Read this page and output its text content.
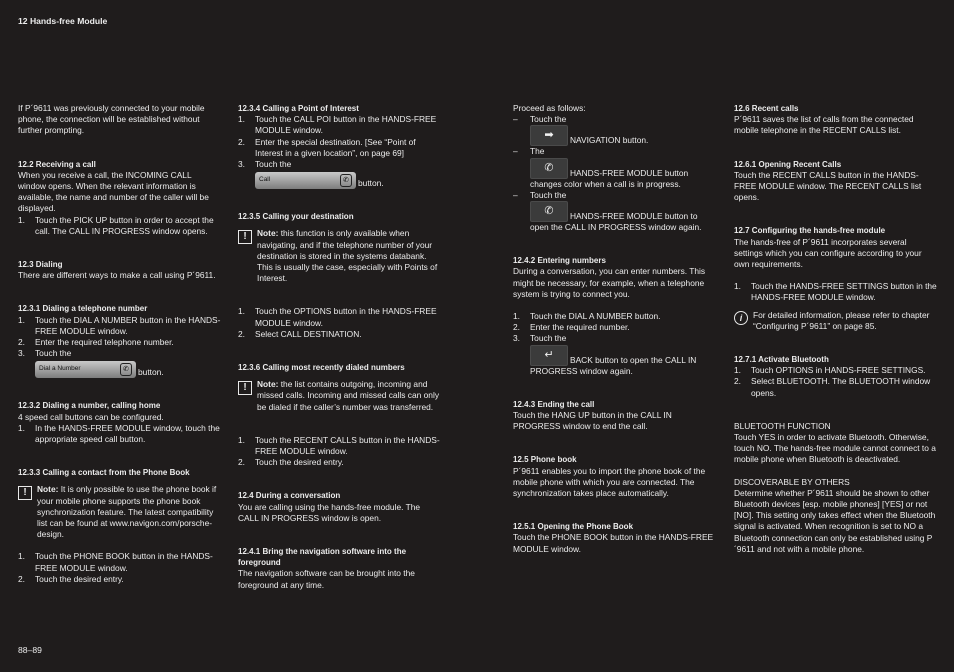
12 Hands-free Module

If P´9611 was previously connected to your mobile phone, the connection will be established without further prompting.

12.2 Receiving a call

When you receive a call, the INCOMING CALL window opens. When the relevant information is available, the name and number of the caller will be displayed.

1.	Touch the PICK UP button in order to accept the call. The CALL IN PROGRESS window opens.

12.3 Dialing

There are different ways to make a call using P´9611.

12.3.1 Dialing a telephone number

1.	Touch the DIAL A NUMBER button in the HANDS-FREE MODULE window.
2.	Enter the required telephone number.
3.	Touch the
Dial a Number	✆	button.

12.3.2 Dialing a number, calling home

4 speed call buttons can be configured.

1.	In the HANDS-FREE MODULE window, touch the appropriate speed call button.

12.3.3 Calling a contact from the Phone Book

!	Note: It is only possible to use the phone book if your mobile phone supports the phone book synchronization feature. The latest compatibility list can be found at www.navigon.com/porsche-design.
1.	Touch the PHONE BOOK button in the HANDS-FREE MODULE window.
2.	Touch the desired entry.

12.3.4 Calling a Point of Interest

1.	Touch the CALL POI button in the HANDS-FREE MODULE window.
2.	Enter the special destination. [See “Point of Interest in a given location”, on page 69]
3.	Touch the
Call	✆	button.

12.3.5 Calling your destination

!	Note: this function is only available when navigating, and if the telephone number of your destination is stored in the systems databank. This is usually the case, especially with Points of Interest.
1.	Touch the OPTIONS button in the HANDS-FREE MODULE window.
2.	Select CALL DESTINATION.

12.3.6 Calling most recently dialed numbers

!	Note: the list contains outgoing, incoming and missed calls. Incoming and missed calls can only be dialed if the caller’s number was transferred.
1.	Touch the RECENT CALLS button in the HANDS-FREE MODULE window.
2.	Touch the desired entry.

12.4 During a conversation

You are calling using the hands-free module. The CALL IN PROGRESS window is open.

12.4.1 Bring the navigation software into the foreground

The navigation software can be brought into the foreground at any time.

Proceed as follows:

–	Touch the
➡ NAVIGATION button.
–	The
✆ HANDS-FREE MODULE button

changes color when a call is in progress.

–	Touch the
✆ HANDS-FREE MODULE button to

open the CALL IN PROGRESS window again.

12.4.2 Entering numbers

During a conversation, you can enter numbers. This might be necessary, for example, when a telephone system is trying to connect you.

1.	Touch the DIAL A NUMBER button.
2.	Enter the required number.
3.	Touch the
↵ BACK button to open the CALL IN

PROGRESS window again.

12.4.3 Ending the call

Touch the HANG UP button in the CALL IN PROGRESS window to end the call.

12.5 Phone book

P´9611 enables you to import the phone book of the mobile phone with which you are connected. The synchronization takes place automatically.

12.5.1 Opening the Phone Book

Touch the PHONE BOOK button in the HANDS-FREE MODULE window.

12.6 Recent calls

P´9611 saves the list of calls from the connected mobile telephone in the RECENT CALLS list.

12.6.1 Opening Recent Calls

Touch the RECENT CALLS button in the HANDS-FREE MODULE window. The RECENT CALLS list opens.

12.7 Configuring the hands-free module

The hands-free of P´9611 incorporates several settings which you can configure according to your own requirements.

1.	Touch the HANDS-FREE SETTINGS button in the HANDS-FREE MODULE window.
i	For detailed information, please refer to chapter “Configuring P´9611” on page 85.

12.7.1 Activate Bluetooth

1.	Touch OPTIONS in HANDS-FREE SETTINGS.
2.	Select BLUETOOTH. The BLUETOOTH window opens.

BLUETOOTH FUNCTION

Touch YES in order to activate Bluetooth. Otherwise, touch NO. The hands-free module cannot connect to a mobile phone when Bluetooth is deactivated.

DISCOVERABLE BY OTHERS

Determine whether P´9611 should be shown to other Bluetooth devices [esp. mobile phones] [YES] or not [NO]. This setting only takes effect when the Bluetooth signal is activated. When recognition is set to NO a Bluetooth connection can only be established using P´9611 and not with a mobile phone.

88–89
